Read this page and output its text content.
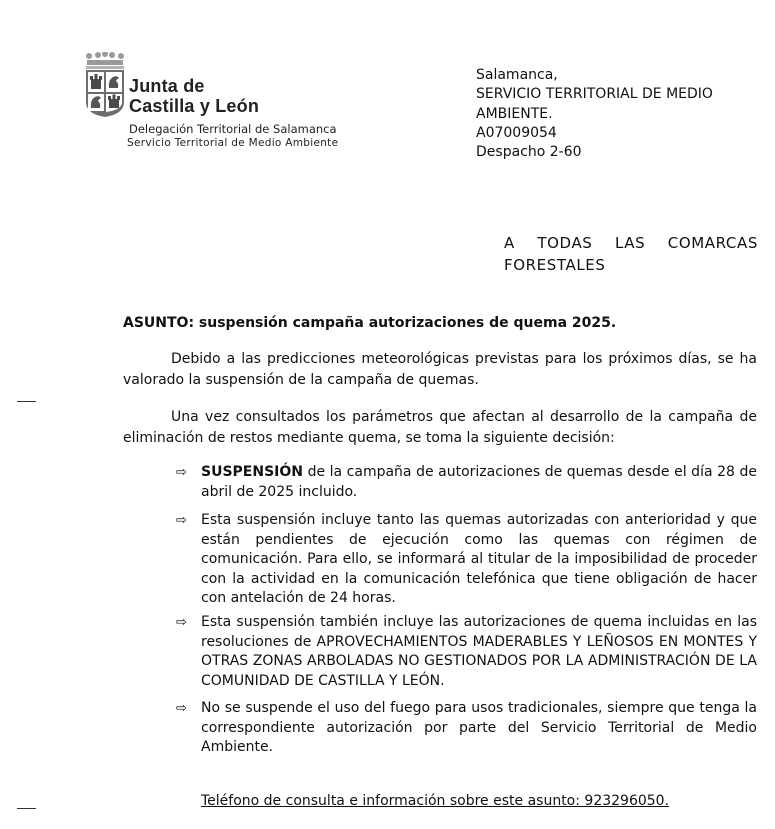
Junta de
Castilla y León
Delegación Territorial de Salamanca
Servicio Territorial de Medio Ambiente
Salamanca,
SERVICIO TERRITORIAL DE MEDIO
AMBIENTE.
A07009054
Despacho 2-60
A TODAS LAS COMARCAS FORESTALES
ASUNTO: suspensión campaña autorizaciones de quema 2025.
Debido a las predicciones meteorológicas previstas para los próximos días, se ha valorado la suspensión de la campaña de quemas.
Una vez consultados los parámetros que afectan al desarrollo de la campaña de eliminación de restos mediante quema, se toma la siguiente decisión:
⇨	SUSPENSIÓN de la campaña de autorizaciones de quemas desde el día 28 de abril de 2025 incluido.
⇨	Esta suspensión incluye tanto las quemas autorizadas con anterioridad y que están pendientes de ejecución como las quemas con régimen de comunicación. Para ello, se informará al titular de la imposibilidad de proceder con la actividad en la comunicación telefónica que tiene obligación de hacer con antelación de 24 horas.
⇨	Esta suspensión también incluye las autorizaciones de quema incluidas en las resoluciones de APROVECHAMIENTOS MADERABLES Y LEÑOSOS EN MONTES Y OTRAS ZONAS ARBOLADAS NO GESTIONADOS POR LA ADMINISTRACIÓN DE LA COMUNIDAD DE CASTILLA Y LEÓN.
⇨	No se suspende el uso del fuego para usos tradicionales, siempre que tenga la correspondiente autorización por parte del Servicio Territorial de Medio Ambiente.
Teléfono de consulta e información sobre este asunto: 923296050.
